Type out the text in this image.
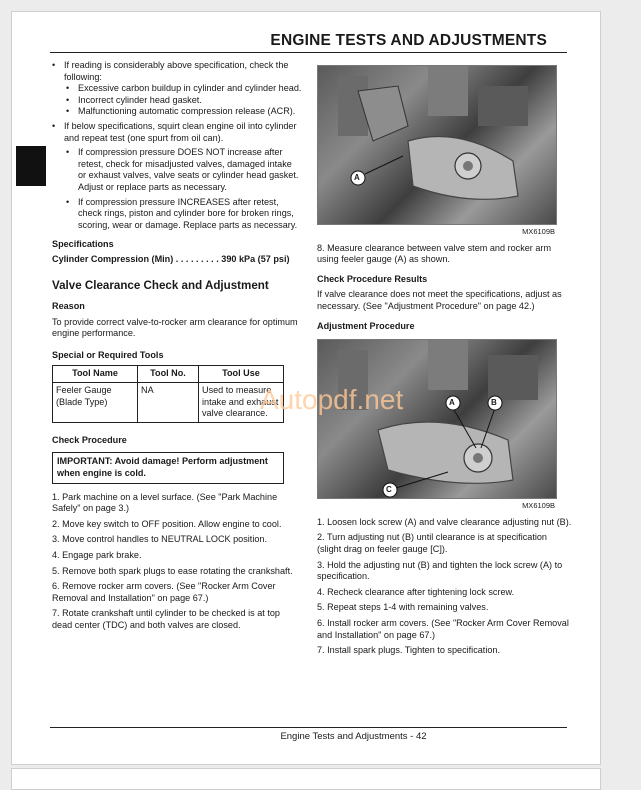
ENGINE TESTS AND ADJUSTMENTS
• If reading is considerably above specification, check the following:
• Excessive carbon buildup in cylinder and cylinder head.
• Incorrect cylinder head gasket.
• Malfunctioning automatic compression release (ACR).
• If below specifications, squirt clean engine oil into cylinder and repeat test (one spurt from oil can).
• If compression pressure DOES NOT increase after retest, check for misadjusted valves, damaged intake or exhaust valves, valve seats or cylinder head gasket. Adjust or replace parts as necessary.
• If compression pressure INCREASES after retest, check rings, piston and cylinder bore for broken rings, scoring, wear or damage. Replace parts as necessary.
Specifications
Cylinder Compression (Min) . . . . . . . . . 390 kPa (57 psi)
Valve Clearance Check and Adjustment
Reason

To provide correct valve-to-rocker arm clearance for optimum engine performance.

Special or Required Tools
Tool Name	Tool No.	Tool Use
Feeler Gauge (Blade Type)	NA	Used to measure intake and exhaust valve clearance.
Check Procedure
IMPORTANT: Avoid damage! Perform adjustment when engine is cold.

1. Park machine on a level surface. (See "Park Machine Safely" on page 3.)

2. Move key switch to OFF position. Allow engine to cool.

3. Move control handles to NEUTRAL LOCK position.

4. Engage park brake.

5. Remove both spark plugs to ease rotating the crankshaft.

6. Remove rocker arm covers. (See "Rocker Arm Cover Removal and Installation" on page 67.)

7. Rotate crankshaft until cylinder to be checked is at top dead center (TDC) and both valves are closed.

A
MX6109B

8. Measure clearance between valve stem and rocker arm using feeler gauge (A) as shown.

Check Procedure Results

If valve clearance does not meet the specifications, adjust as necessary. (See "Adjustment Procedure" on page 42.)

Adjustment Procedure
A	B
C
MX6109B

1. Loosen lock screw (A) and valve clearance adjusting nut (B).

2. Turn adjusting nut (B) until clearance is at specification (slight drag on feeler gauge [C]).

3. Hold the adjusting nut (B) and tighten the lock screw (A) to specification.

4. Recheck clearance after tightening lock screw.

5. Repeat steps 1-4 with remaining valves.

6. Install rocker arm covers. (See "Rocker Arm Cover Removal and Installation" on page 67.)

7. Install spark plugs. Tighten to specification.

Autopdf.net
Engine Tests and Adjustments - 42
